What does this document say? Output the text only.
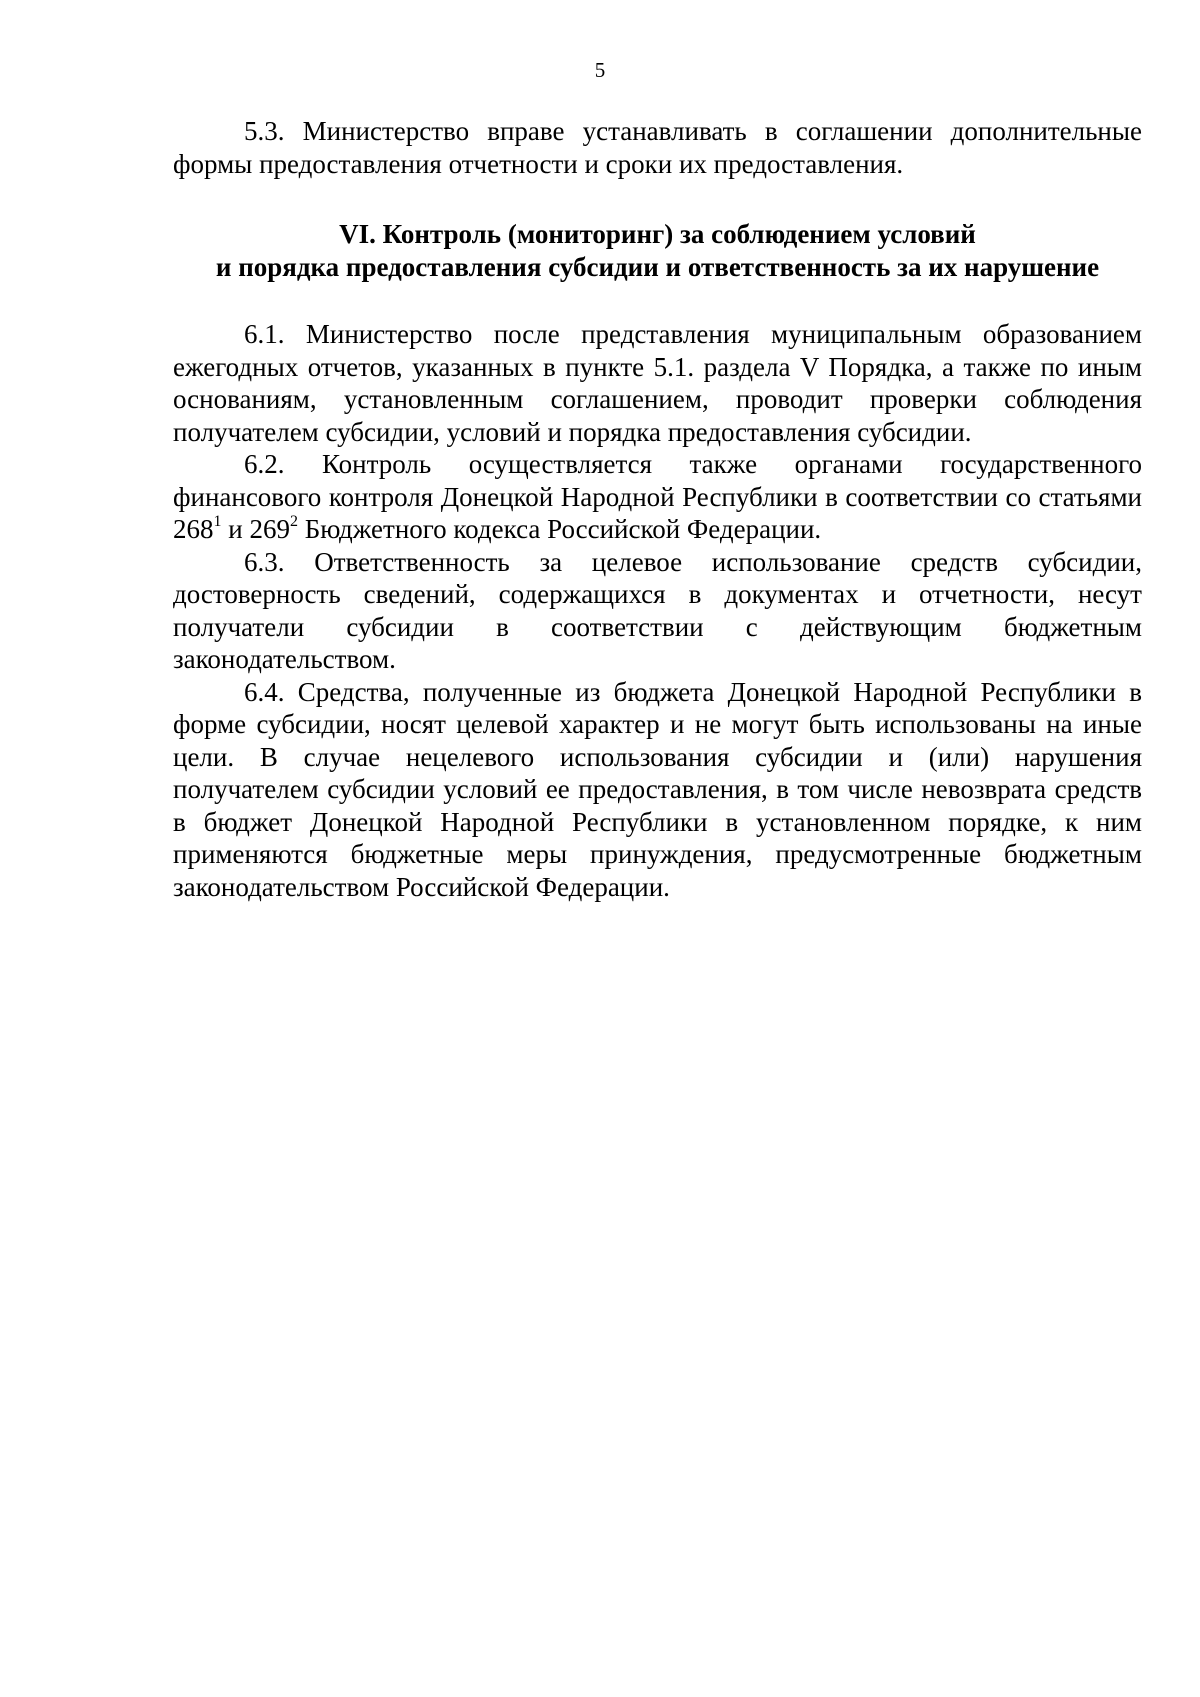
5

5.3. Министерство вправе устанавливать в соглашении дополнительные формы предоставления отчетности и сроки их предоставления.

VI. Контроль (мониторинг) за соблюдением условий
и порядка предоставления субсидии и ответственность за их нарушение

6.1. Министерство после представления муниципальным образованием ежегодных отчетов, указанных в пункте 5.1. раздела V Порядка, а также по иным основаниям, установленным соглашением, проводит проверки соблюдения получателем субсидии, условий и порядка предоставления субсидии.

6.2. Контроль осуществляется также органами государственного финансового контроля Донецкой Народной Республики в соответствии со статьями $268^1$ и $269^2$ Бюджетного кодекса Российской Федерации.

6.3. Ответственность за целевое использование средств субсидии, достоверность сведений, содержащихся в документах и отчетности, несут получатели субсидии в соответствии с действующим бюджетным законодательством.

6.4. Средства, полученные из бюджета Донецкой Народной Республики в форме субсидии, носят целевой характер и не могут быть использованы на иные цели. В случае нецелевого использования субсидии и (или) нарушения получателем субсидии условий ее предоставления, в том числе невозврата средств в бюджет Донецкой Народной Республики в установленном порядке, к ним применяются бюджетные меры принуждения, предусмотренные бюджетным законодательством Российской Федерации.
